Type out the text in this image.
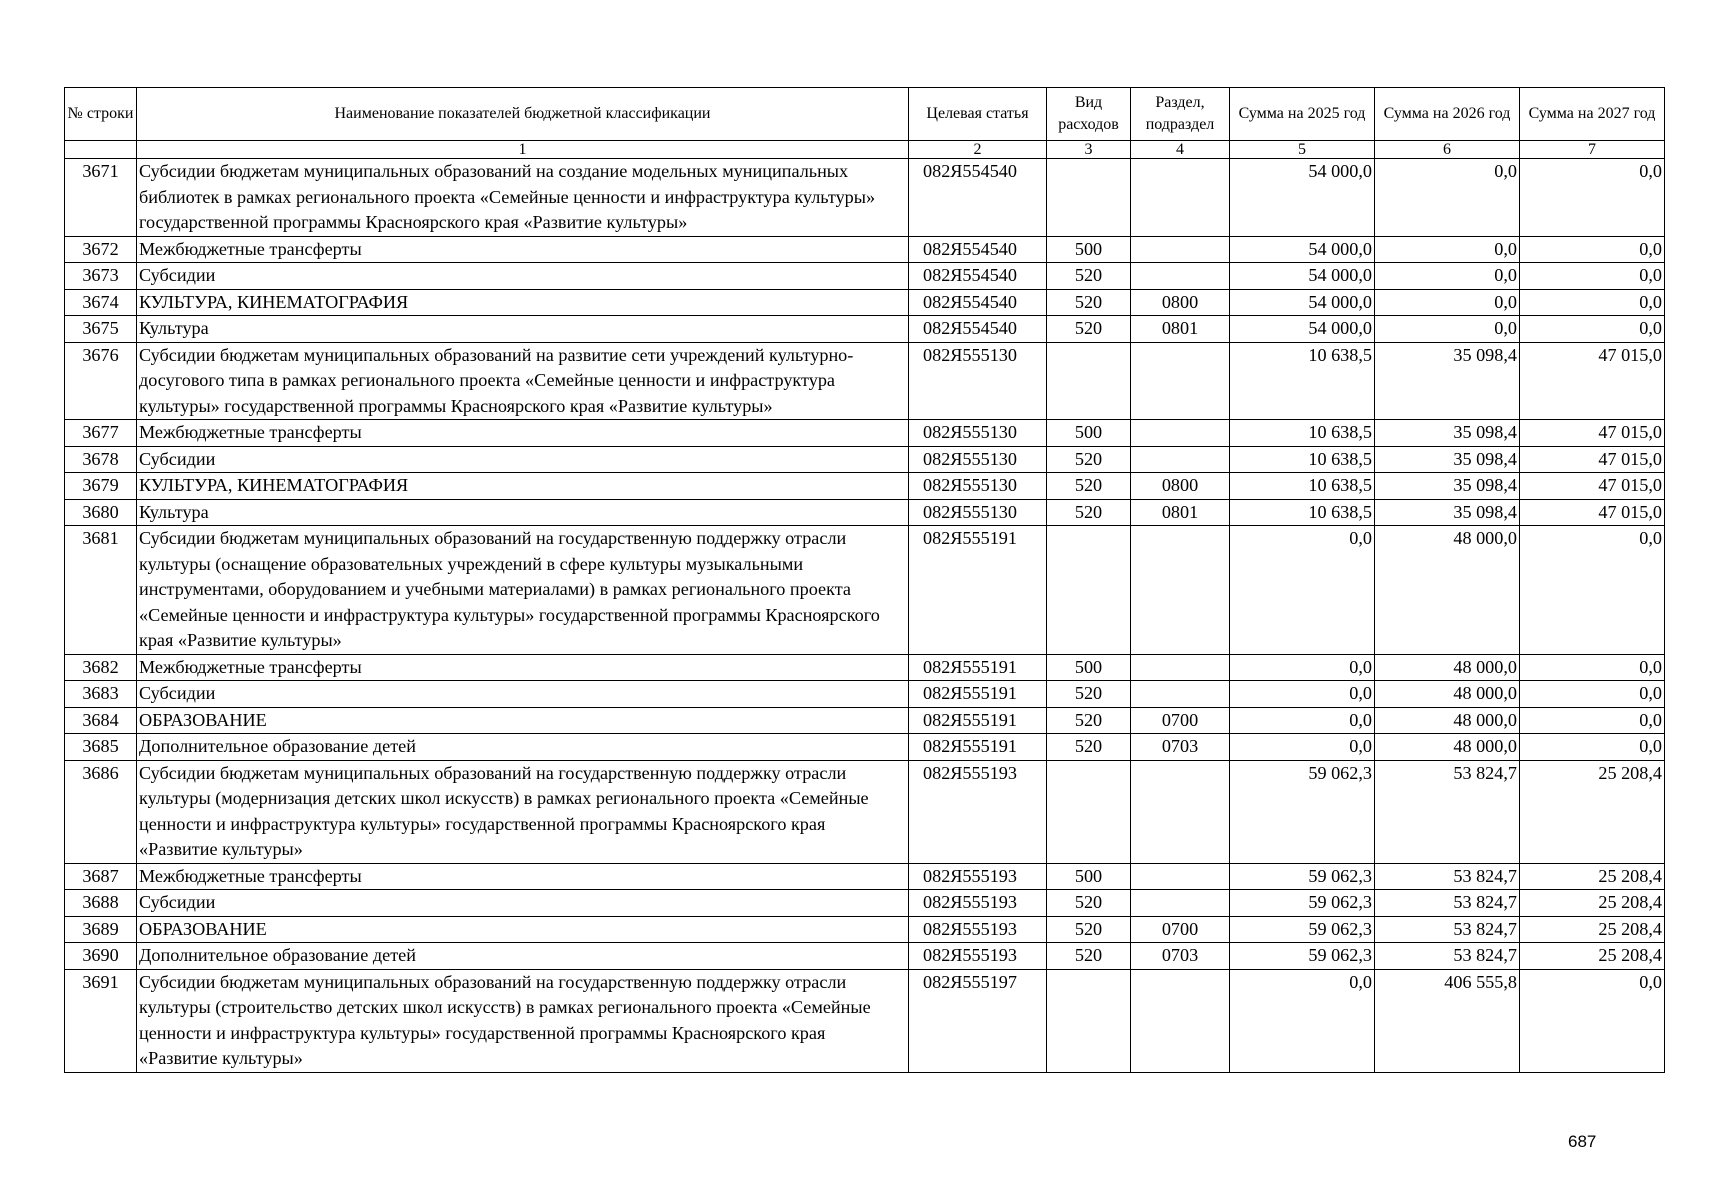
№ строки	Наименование показателей бюджетной классификации	Целевая статья	Вид расходов	Раздел, подраздел	Сумма на 2025 год	Сумма на 2026 год	Сумма на 2027 год
	1	2	3	4	5	6	7
3671	Субсидии бюджетам муниципальных образований на создание модельных муниципальных библиотек в рамках регионального проекта «Семейные ценности и инфраструктура культуры» государственной программы Красноярского края «Развитие культуры»	082Я554540			54 000,0	0,0	0,0
3672	Межбюджетные трансферты	082Я554540	500		54 000,0	0,0	0,0
3673	Субсидии	082Я554540	520		54 000,0	0,0	0,0
3674	КУЛЬТУРА, КИНЕМАТОГРАФИЯ	082Я554540	520	0800	54 000,0	0,0	0,0
3675	Культура	082Я554540	520	0801	54 000,0	0,0	0,0
3676	Субсидии бюджетам муниципальных образований на развитие сети учреждений культурно-досугового типа в рамках регионального проекта «Семейные ценности и инфраструктура культуры» государственной программы Красноярского края «Развитие культуры»	082Я555130			10 638,5	35 098,4	47 015,0
3677	Межбюджетные трансферты	082Я555130	500		10 638,5	35 098,4	47 015,0
3678	Субсидии	082Я555130	520		10 638,5	35 098,4	47 015,0
3679	КУЛЬТУРА, КИНЕМАТОГРАФИЯ	082Я555130	520	0800	10 638,5	35 098,4	47 015,0
3680	Культура	082Я555130	520	0801	10 638,5	35 098,4	47 015,0
3681	Субсидии бюджетам муниципальных образований на государственную поддержку отрасли культуры (оснащение образовательных учреждений в сфере культуры музыкальными инструментами, оборудованием и учебными материалами) в рамках регионального проекта «Семейные ценности и инфраструктура культуры» государственной программы Красноярского края «Развитие культуры»	082Я555191			0,0	48 000,0	0,0
3682	Межбюджетные трансферты	082Я555191	500		0,0	48 000,0	0,0
3683	Субсидии	082Я555191	520		0,0	48 000,0	0,0
3684	ОБРАЗОВАНИЕ	082Я555191	520	0700	0,0	48 000,0	0,0
3685	Дополнительное образование детей	082Я555191	520	0703	0,0	48 000,0	0,0
3686	Субсидии бюджетам муниципальных образований на государственную поддержку отрасли культуры (модернизация детских школ искусств) в рамках регионального проекта «Семейные ценности и инфраструктура культуры» государственной программы Красноярского края «Развитие культуры»	082Я555193			59 062,3	53 824,7	25 208,4
3687	Межбюджетные трансферты	082Я555193	500		59 062,3	53 824,7	25 208,4
3688	Субсидии	082Я555193	520		59 062,3	53 824,7	25 208,4
3689	ОБРАЗОВАНИЕ	082Я555193	520	0700	59 062,3	53 824,7	25 208,4
3690	Дополнительное образование детей	082Я555193	520	0703	59 062,3	53 824,7	25 208,4
3691	Субсидии бюджетам муниципальных образований на государственную поддержку отрасли культуры (строительство детских школ искусств) в рамках регионального проекта «Семейные ценности и инфраструктура культуры» государственной программы Красноярского края «Развитие культуры»	082Я555197			0,0	406 555,8	0,0
687
